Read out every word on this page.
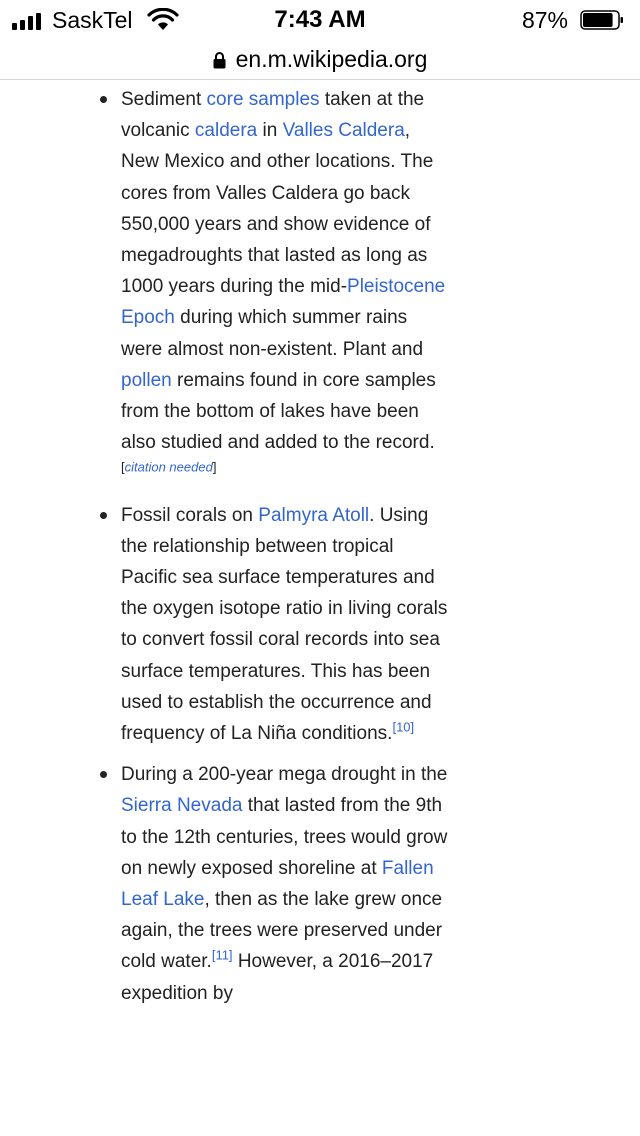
SaskTel	7:43 AM	87%
en.m.wikipedia.org
Sediment core samples taken at the volcanic caldera in Valles Caldera, New Mexico and other locations. The cores from Valles Caldera go back 550,000 years and show evidence of megadroughts that lasted as long as 1000 years during the mid-Pleistocene Epoch during which summer rains were almost non-existent. Plant and pollen remains found in core samples from the bottom of lakes have been also studied and added to the record.[citation needed]
Fossil corals on Palmyra Atoll. Using the relationship between tropical Pacific sea surface temperatures and the oxygen isotope ratio in living corals to convert fossil coral records into sea surface temperatures. This has been used to establish the occurrence and frequency of La Niña conditions.[10]
During a 200-year mega drought in the Sierra Nevada that lasted from the 9th to the 12th centuries, trees would grow on newly exposed shoreline at Fallen Leaf Lake, then as the lake grew once again, the trees were preserved under cold water.[11] However, a 2016–2017 expedition by
